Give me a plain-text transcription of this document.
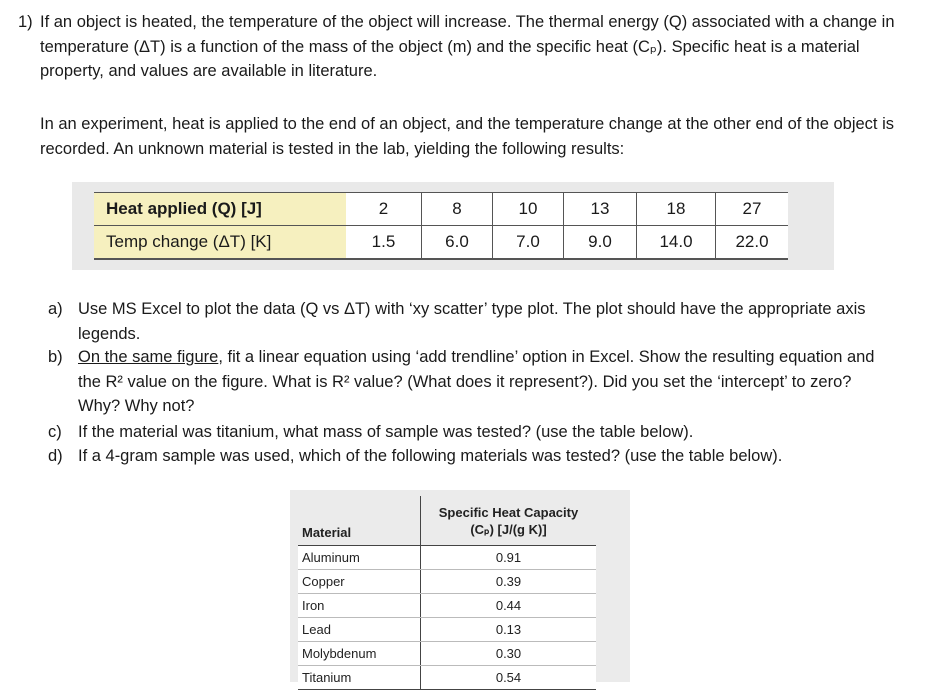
1) If an object is heated, the temperature of the object will increase. The thermal energy (Q) associated with a change in temperature (ΔT) is a function of the mass of the object (m) and the specific heat (Cₚ). Specific heat is a material property, and values are available in literature.

In an experiment, heat is applied to the end of an object, and the temperature change at the other end of the object is recorded. An unknown material is tested in the lab, yielding the following results:

Heat applied (Q) [J]	2	8	10	13	18	27
Temp change (ΔT) [K]	1.5	6.0	7.0	9.0	14.0	22.0
a) Use MS Excel to plot the data (Q vs ΔT) with ‘xy scatter’ type plot. The plot should have the appropriate axis legends.
b) On the same figure, fit a linear equation using ‘add trendline’ option in Excel. Show the resulting equation and the R² value on the figure. What is R² value? (What does it represent?). Did you set the ‘intercept’ to zero? Why? Why not?
c) If the material was titanium, what mass of sample was tested? (use the table below).
d) If a 4-gram sample was used, which of the following materials was tested? (use the table below).
Material	Specific Heat Capacity
(Cₚ) [J/(g K)]
Aluminum	0.91
Copper	0.39
Iron	0.44
Lead	0.13
Molybdenum	0.30
Titanium	0.54
